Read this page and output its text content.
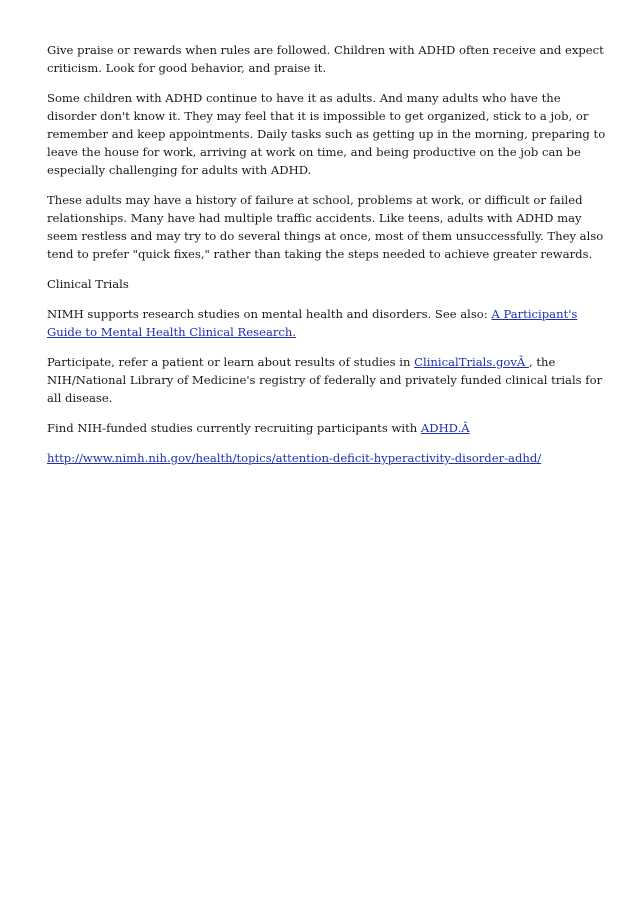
Give praise or rewards when rules are followed. Children with ADHD often receive and expect criticism. Look for good behavior, and praise it.

Some children with ADHD continue to have it as adults. And many adults who have the disorder don't know it. They may feel that it is impossible to get organized, stick to a job, or remember and keep appointments. Daily tasks such as getting up in the morning, preparing to leave the house for work, arriving at work on time, and being productive on the job can be especially challenging for adults with ADHD.

These adults may have a history of failure at school, problems at work, or difficult or failed relationships. Many have had multiple traffic accidents. Like teens, adults with ADHD may seem restless and may try to do several things at once, most of them unsuccessfully. They also tend to prefer "quick fixes," rather than taking the steps needed to achieve greater rewards.

Clinical Trials

NIMH supports research studies on mental health and disorders. See also: A Participant's Guide to Mental Health Clinical Research.

Participate, refer a patient or learn about results of studies in ClinicalTrials.govÂ , the NIH/National Library of Medicine's registry of federally and privately funded clinical trials for all disease.

Find NIH-funded studies currently recruiting participants with ADHD.Â

http://www.nimh.nih.gov/health/topics/attention-deficit-hyperactivity-disorder-adhd/
